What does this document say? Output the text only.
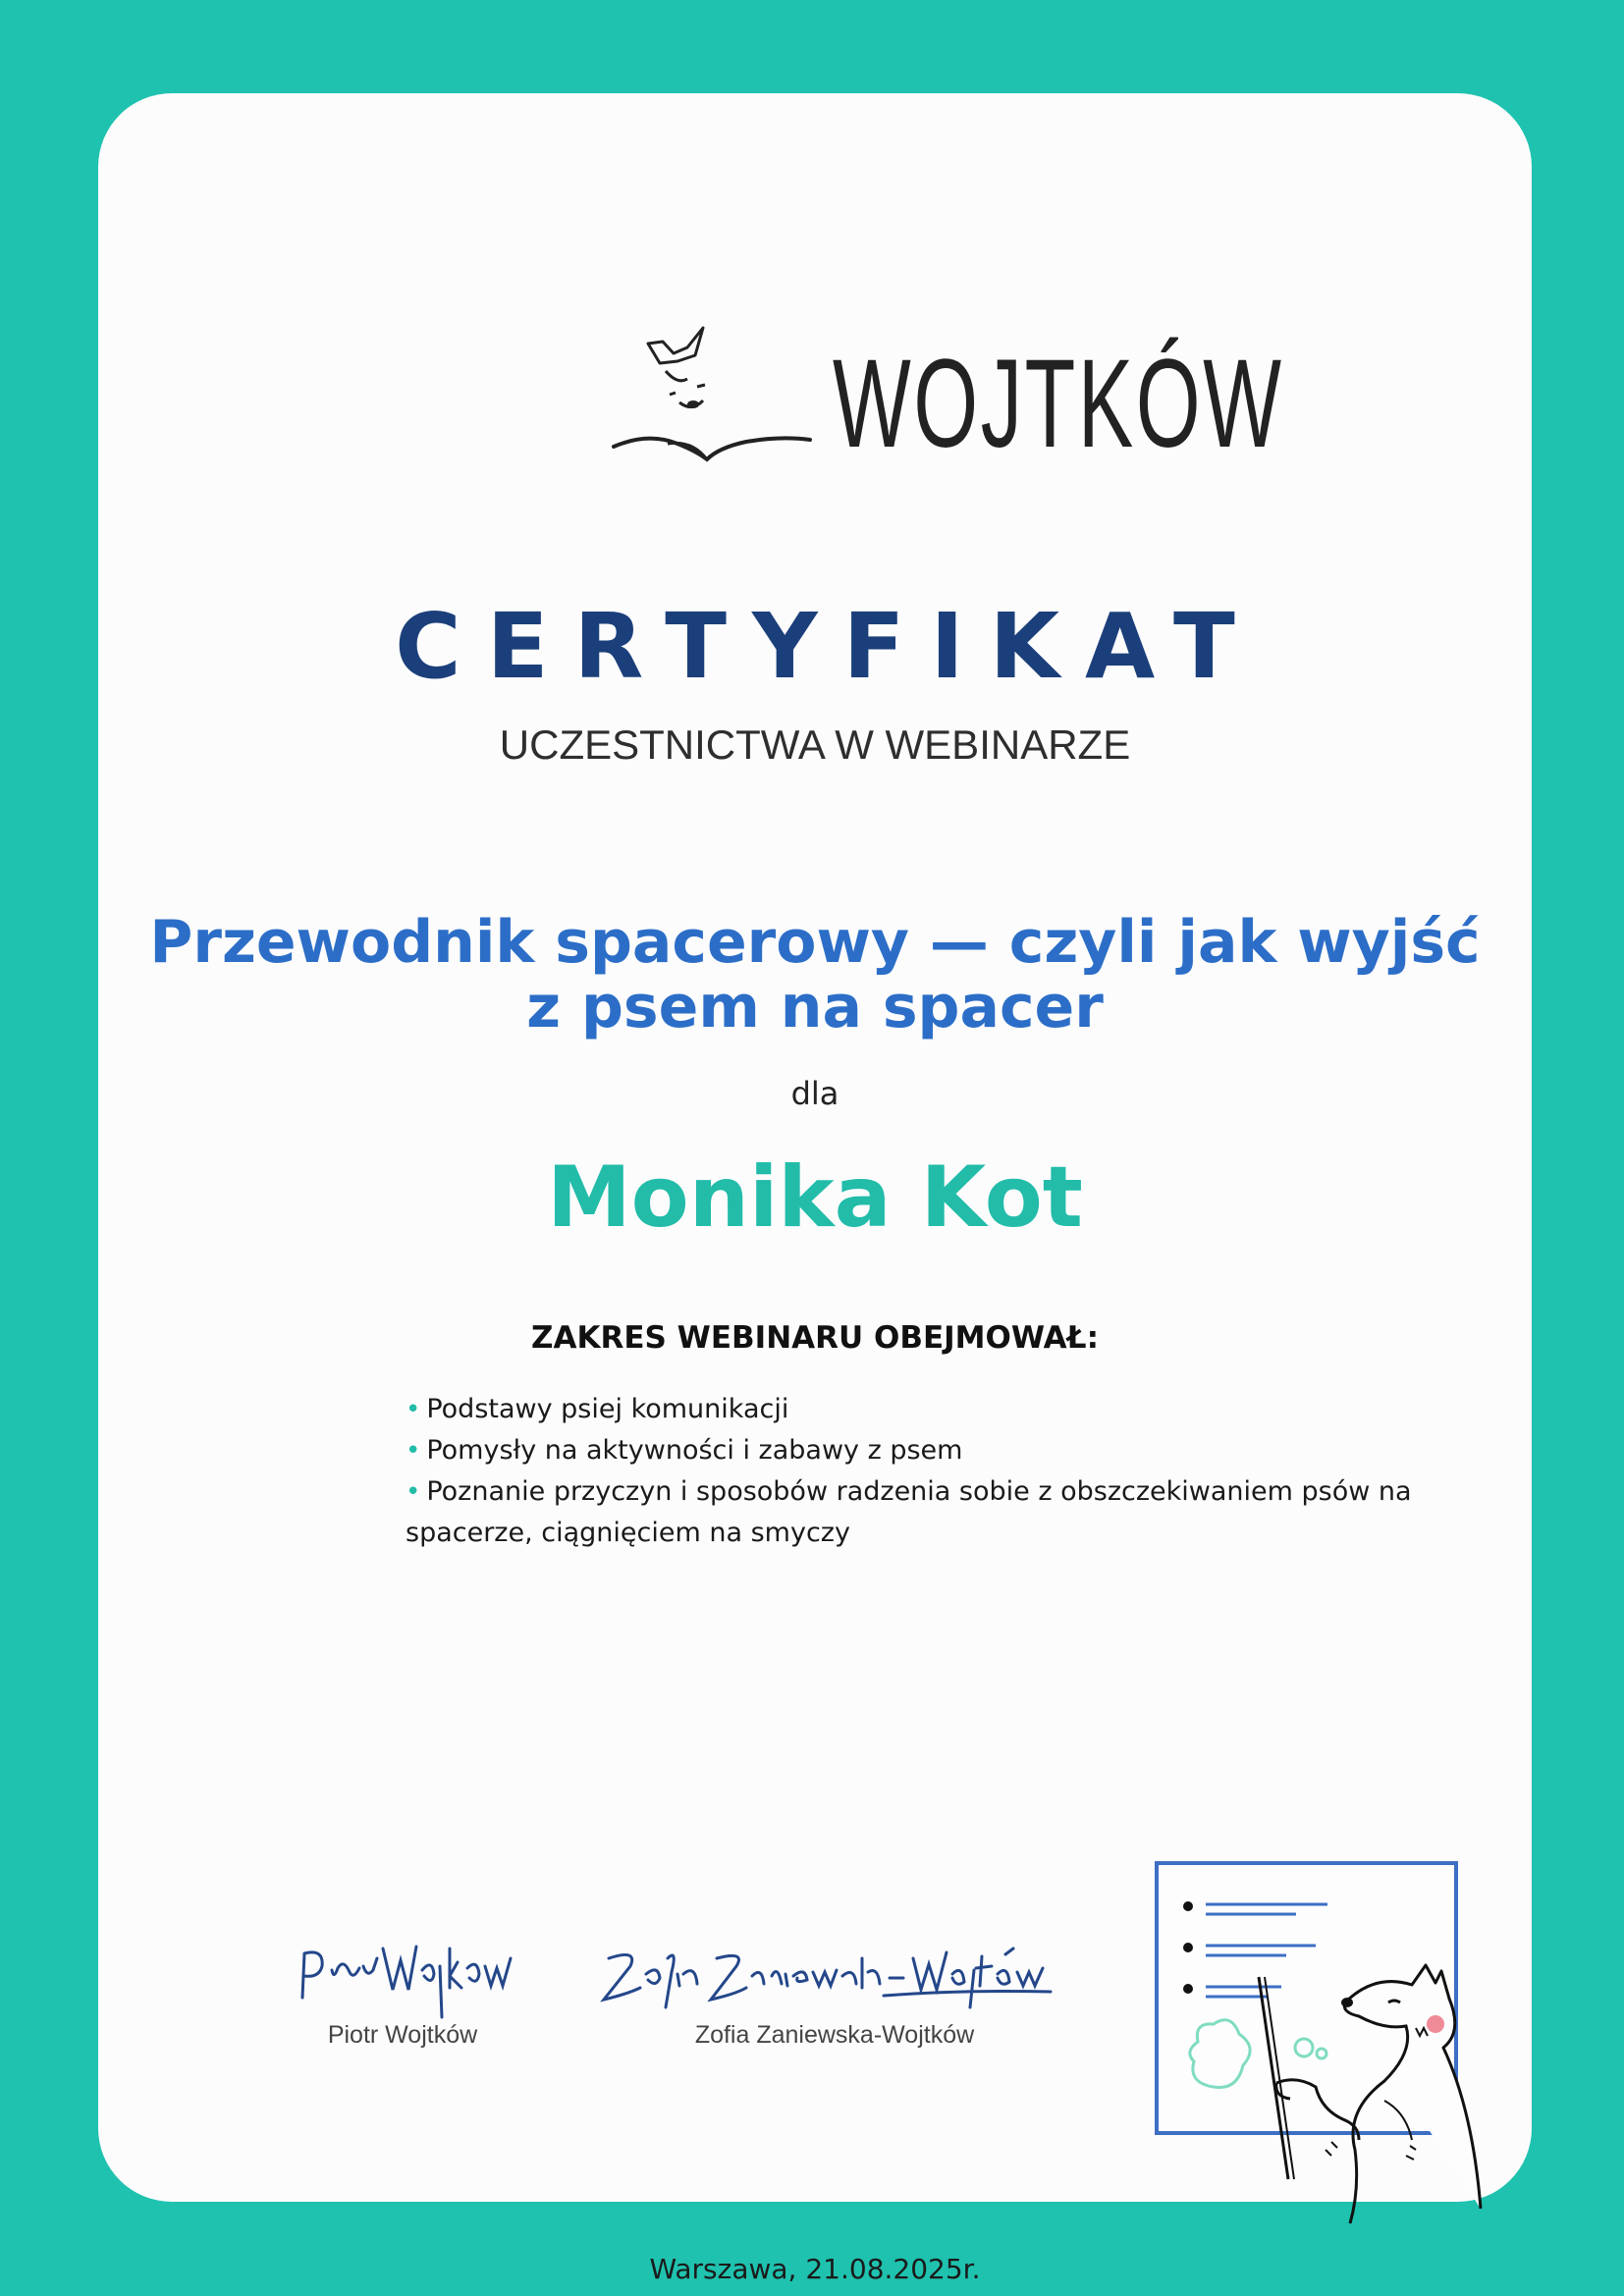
WOJTKÓW
CERTYFIKAT
UCZESTNICTWA W WEBINARZE
Przewodnik spacerowy — czyli jak wyjść
z psem na spacer
dla
Monika Kot
ZAKRES WEBINARU OBEJMOWAŁ:
• Podstawy psiej komunikacji
• Pomysły na aktywności i zabawy z psem
• Poznanie przyczyn i sposobów radzenia sobie z obszczekiwaniem psów na spacerze, ciągnięciem na smyczy
Piotr Wojtków	Zofia Zaniewska-Wojtków
Warszawa, 21.08.2025r.
